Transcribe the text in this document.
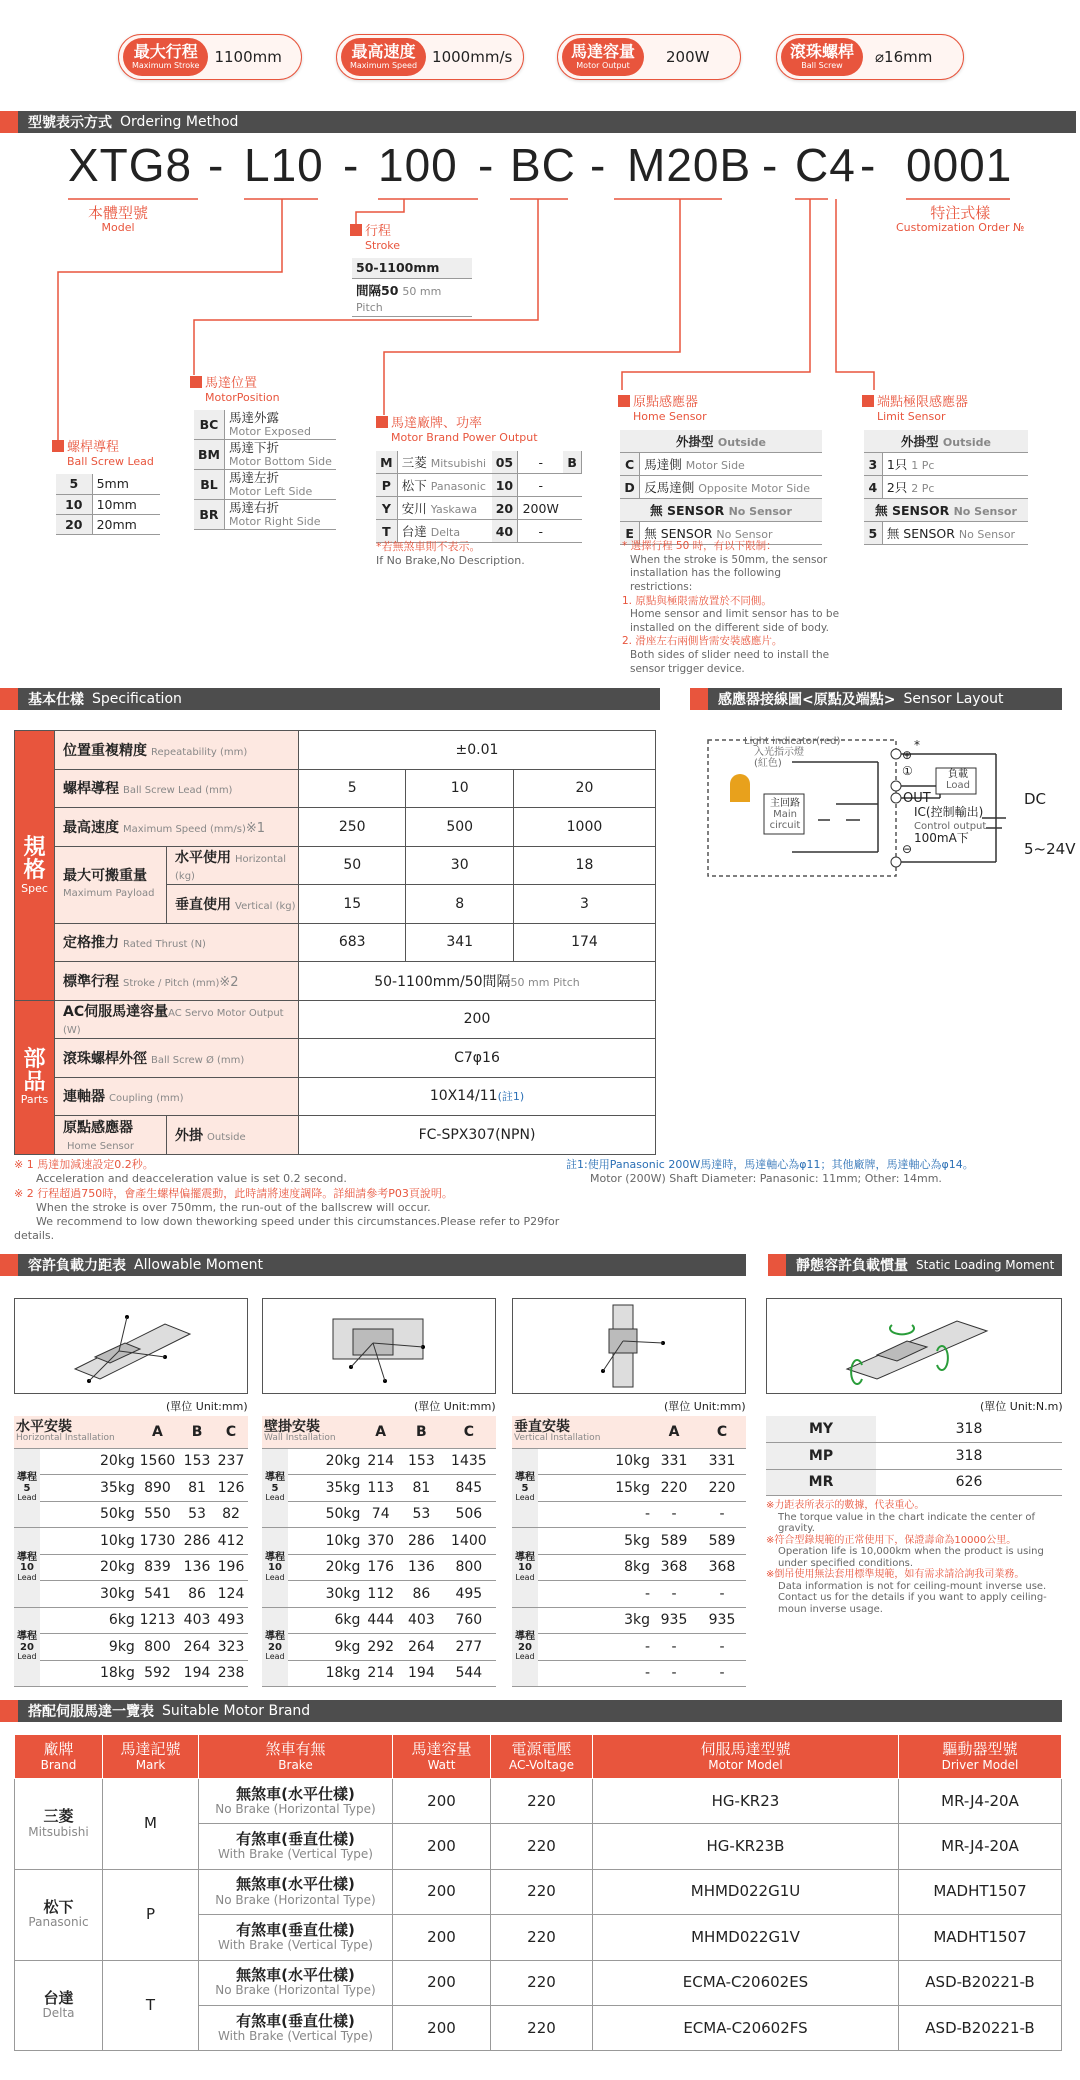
最大行程
Maximum Stroke	1100mm	最高速度
Maximum Speed	1000mm/s	馬達容量
Motor Output	200W	滾珠螺桿
Ball Screw	⌀16mm
型號表示方式 Ordering Method
XTG8 - L10 - 100 - BC - M20B - C4 - 0001
本體型號
Model
特注式樣
Customization Order №
行程
Stroke
50-1100mm
間隔50 50 mm Pitch
螺桿導程
Ball Screw Lead
5	5mm
10	10mm
20	20mm
馬達位置
MotorPosition
BC	馬達外露
Motor Exposed
BM	馬達下折
Motor Bottom Side
BL	馬達左折
Motor Left Side
BR	馬達右折
Motor Right Side
馬達廠牌、功率
Motor Brand Power Output
M	三菱 Mitsubishi	05	-	B
P	松下 Panasonic	10	-	
Y	安川 Yaskawa	20	200W	
T	台達 Delta	40	-	
*若無煞車則不表示。
If No Brake,No Description.
原點感應器
Home Sensor
外掛型 Outside	
C	馬達側 Motor Side
D	反馬達側 Opposite Motor Side
無 SENSOR No Sensor	
E	無 SENSOR No Sensor
* 選擇行程 50 時，有以下限制：

When the stroke is 50mm, the sensor installation has the following restrictions:
1. 原點與極限需放置於不同側。

Home sensor and limit sensor has to be installed on the different side of body.
2. 滑座左右兩側皆需安裝感應片。

Both sides of slider need to install the sensor trigger device.
端點極限感應器
Limit Sensor
外掛型 Outside	
3	1只 1 Pc
4	2只 2 Pc
無 SENSOR No Sensor	
5	無 SENSOR No Sensor
基本仕樣 Specification	感應器接線圖<原點及端點> Sensor Layout
規格
Spec	位置重複精度 Repeatability (mm)		±0.01		
	螺桿導程 Ball Screw Lead (mm)		5	10	20
	最高速度 Maximum Speed (mm/s)※1		250	500	1000

	最大可搬重量
Maximum Payload	水平使用 Horizontal (kg)	50	30	18
		垂直使用 Vertical (kg)	15	8	3
	定格推力 Rated Thrust (N)		683	341	174
	標準行程 Stroke / Pitch (mm)※2		50-1100mm/50間隔50 mm Pitch		
部品
Parts	AC伺服馬達容量AC Servo Motor Output (W)		200		
	滾珠螺桿外徑 Ball Screw Ø (mm)		C7φ16		
	連軸器 Coupling (mm)		10X14/11(註1)		
	原點感應器Home Sensor	外掛 Outside	FC-SPX307(NPN)		
※ 1 馬達加減速設定0.2秒。
Acceleration and deacceleration value is set 0.2 second.
※ 2 行程超過750時，會產生螺桿偏擺震動，此時請將速度調降。詳細請參考P03頁說明。
When the stroke is over 750mm, the run-out of the ballscrew will occur.
We recommend to low down theworking speed under this circumstances.Please refer to P29for details.
註1:使用Panasonic 200W馬達時，馬達軸心為φ11；其他廠牌，馬達軸心為φ14。
Motor (200W) Shaft Diameter: Panasonic: 11mm; Other: 14mm.
Light indicator(red)

入光指示燈(紅色)
主回路
Main circuit
負載
Load
OUT
IC(控制輸出)
Control output
100mA下
DC
5~24V
*
⊕
①
⊖
容許負載力距表 Allowable Moment	靜態容許負載慣量 Static Loading Moment
(單位 Unit:mm)	(單位 Unit:mm)	(單位 Unit:mm)	(單位 Unit:N.m)
水平安裝
Horizontal Installation		A	B	C
導程
5
Lead	20kg	1560	153	237
	35kg	890	81	126
	50kg	550	53	82
導程
10
Lead	10kg	1730	286	412
	20kg	839	136	196
	30kg	541	86	124
導程
20
Lead	6kg	1213	403	493
	9kg	800	264	323
	18kg	592	194	238
壁掛安裝
Wall Installation		A	B	C
導程
5
Lead	20kg	214	153	1435
	35kg	113	81	845
	50kg	74	53	506
導程
10
Lead	10kg	370	286	1400
	20kg	176	136	800
	30kg	112	86	495
導程
20
Lead	6kg	444	403	760
	9kg	292	264	277
	18kg	214	194	544
垂直安裝
Vertical Installation		A	C
導程
5
Lead	10kg	331	331
	15kg	220	220
	-	-	-
導程
10
Lead	5kg	589	589
	8kg	368	368
	-	-	-
導程
20
Lead	3kg	935	935
	-	-	-
	-	-	-
MY	318
MP	318
MR	626
※力距表所表示的數據，代表重心。

The torque value in the chart indicate the center of gravity.
※符合型錄規範的正常使用下，保證壽命為10000公里。

Operation life is 10,000km when the product is using under specified conditions.
※倒吊使用無法套用標準規範，如有需求請洽詢我司業務。

Data information is not for ceiling-mount inverse use. Contact us for the details if you want to apply ceiling-moun inverse usage.
搭配伺服馬達一覽表 Suitable Motor Brand
廠牌
Brand	馬達記號
Mark	煞車有無
Brake	馬達容量
Watt	電源電壓
AC-Voltage	伺服馬達型號
Motor Model	驅動器型號
Driver Model

三菱
Mitsubishi	M	無煞車(水平仕樣)
No Brake (Horizontal Type)	200	220	HG-KR23	MR-J4-20A
		有煞車(垂直仕樣)
With Brake (Vertical Type)	200	220	HG-KR23B	MR-J4-20A
松下
Panasonic	P	無煞車(水平仕樣)
No Brake (Horizontal Type)	200	220	MHMD022G1U	MADHT1507
		有煞車(垂直仕樣)
With Brake (Vertical Type)	200	220	MHMD022G1V	MADHT1507
台達
Delta	T	無煞車(水平仕樣)
No Brake (Horizontal Type)	200	220	ECMA-C20602ES	ASD-B20221-B
		有煞車(垂直仕樣)
With Brake (Vertical Type)	200	220	ECMA-C20602FS	ASD-B20221-B
